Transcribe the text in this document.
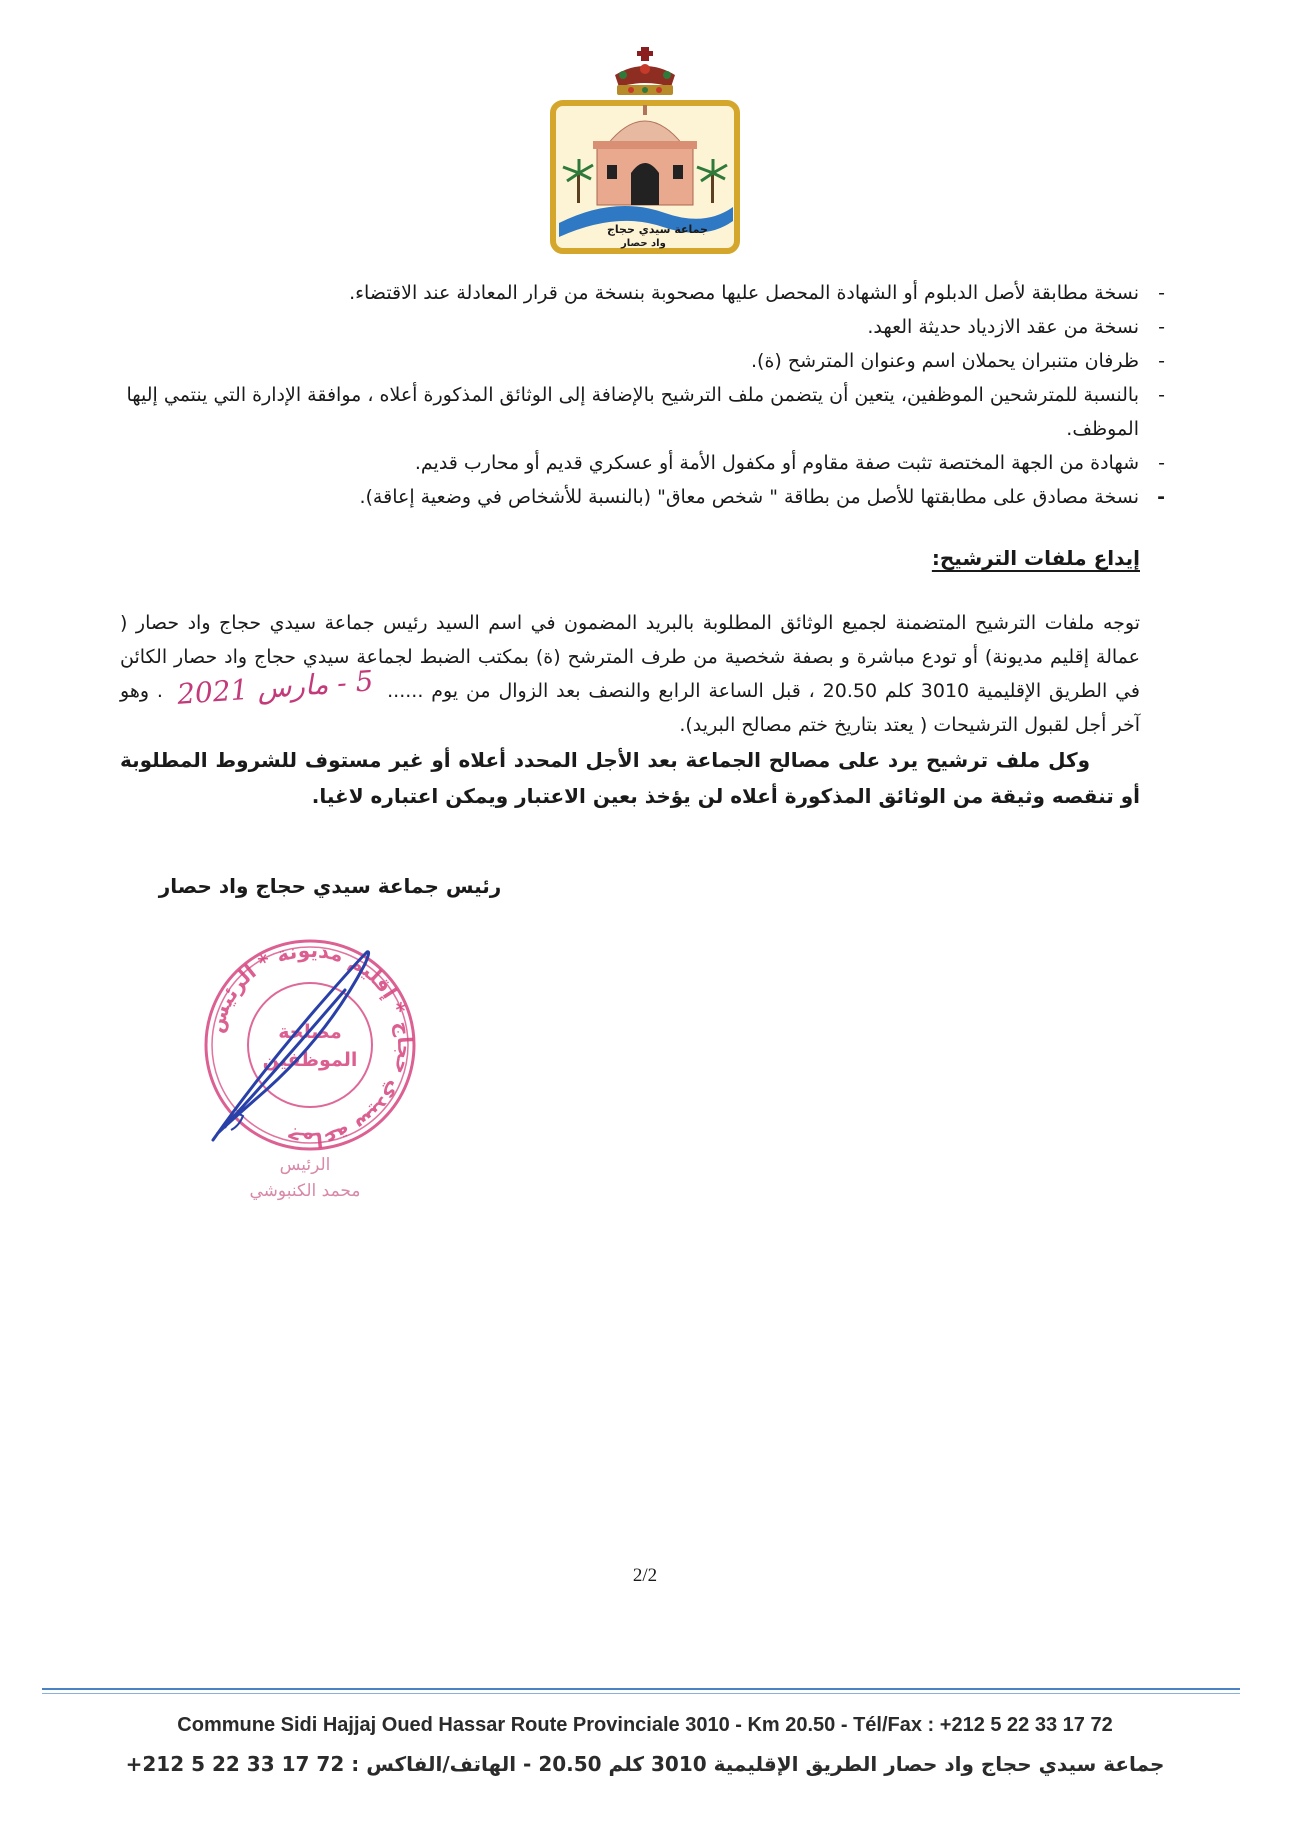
جماعة سيدي حجاج
واد حصار
-
نسخة مطابقة لأصل الدبلوم أو الشهادة المحصل عليها مصحوبة بنسخة من قرار المعادلة عند الاقتضاء.
-
نسخة من عقد الازدياد حديثة العهد.
-
ظرفان متنبران يحملان اسم وعنوان المترشح (ة).
-
بالنسبة للمترشحين الموظفين، يتعين أن يتضمن ملف الترشيح بالإضافة إلى الوثائق المذكورة أعلاه ، موافقة الإدارة التي ينتمي إليها الموظف.
-
شهادة من الجهة المختصة تثبت صفة مقاوم أو مكفول الأمة أو عسكري قديم أو محارب قديم.
-
نسخة مصادق على مطابقتها للأصل من بطاقة " شخص معاق" (بالنسبة للأشخاص في وضعية إعاقة).
إيداع ملفات الترشيح:

توجه ملفات الترشيح المتضمنة لجميع الوثائق المطلوبة بالبريد المضمون في اسم السيد رئيس جماعة سيدي حجاج واد حصار ( عمالة إقليم مديونة) أو تودع مباشرة و بصفة شخصية من طرف المترشح (ة) بمكتب الضبط لجماعة سيدي حجاج واد حصار الكائن في الطريق الإقليمية 3010 كلم 20.50 ، قبل الساعة الرابع والنصف بعد الزوال من يوم ...... 5 - مارس 2021 . وهو آخر أجل لقبول الترشيحات ( يعتد بتاريخ ختم مصالح البريد).

وكل ملف ترشيح يرد على مصالح الجماعة بعد الأجل المحدد أعلاه أو غير مستوف للشروط المطلوبة أو تنقصه وثيقة من الوثائق المذكورة أعلاه لن يؤخذ بعين الاعتبار ويمكن اعتباره لاغيا.

رئيس جماعة سيدي حجاج واد حصار
جماعة سيدي حجاج * إقليم مديونة * الرئيس
مصلحة
الموظفين
الرئيس
محمد الكنبوشي
2/2
Commune Sidi Hajjaj Oued Hassar Route Provinciale 3010 - Km 20.50 - Tél/Fax : +212 5 22 33 17 72
جماعة سيدي حجاج واد حصار الطريق الإقليمية 3010 كلم 20.50 - الهاتف/الفاكس : 72 17 33 22 5 212+
